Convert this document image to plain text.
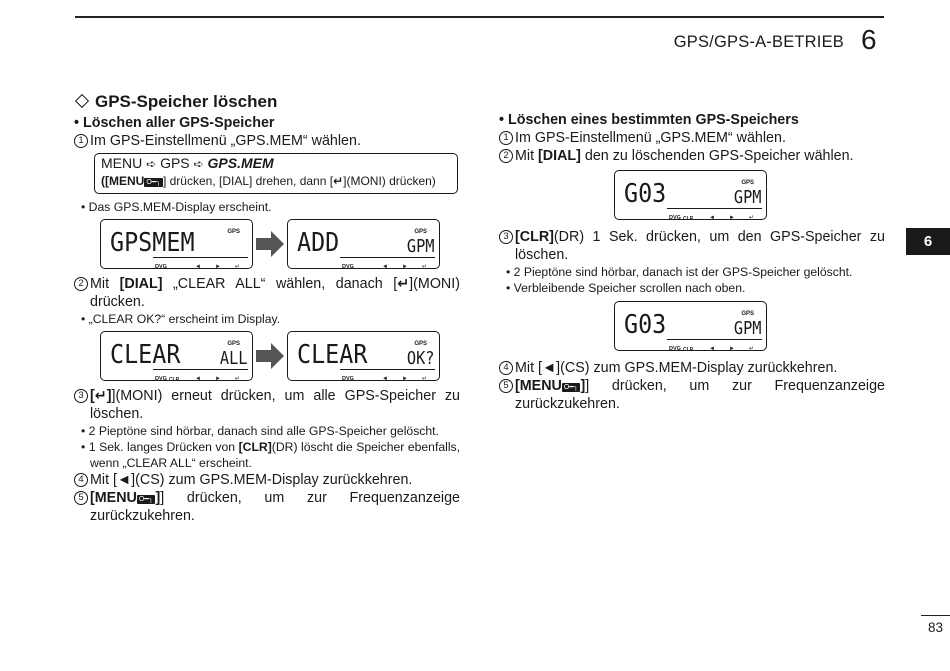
GPS/GPS-A-BETRIEB 6
6
GPS-Speicher löschen
• Löschen aller GPS-Speicher
1 Im GPS-Einstellmenü „GPS.MEM“ wählen.
MENU ➪ GPS ➪ GPS.MEM
([MENU O━┐ ] drücken, [DIAL] drehen, dann [↵](MONI) drücken)
• Das GPS.MEM-Display erscheint.
GPS
GPSMEM
DVG	◄►↵
GPS
ADD	GPM
DVG	◄►↵
2 Mit [DIAL] „CLEAR ALL“ wählen, danach [↵](MONI) drücken.
• „CLEAR OK?“ erscheint im Display.
GPS
CLEAR ALL
DVG CLR	◄►↵
GPS
CLEAR OK?
DVG	◄►↵
3 [↵]](MONI) erneut drücken, um alle GPS-Speicher zu löschen.
• 2 Pieptöne sind hörbar, danach sind alle GPS-Speicher gelöscht.
• 1 Sek. langes Drücken von [CLR](DR) löscht die Speicher ebenfalls, wenn „CLEAR ALL“ erscheint.
4 Mit [◄](CS) zum GPS.MEM-Display zurückkehren.
5 [MENU O━┐ ]] drücken, um zur Frequenzanzeige zurückzukehren.
• Löschen eines bestimmten GPS-Speichers
1 Im GPS-Einstellmenü „GPS.MEM“ wählen.
2 Mit [DIAL] den zu löschenden GPS-Speicher wählen.
GPS
G03	GPM
DVG CLR	◄►↵
3 [CLR](DR) 1 Sek. drücken, um den GPS-Speicher zu löschen.
• 2 Pieptöne sind hörbar, danach ist der GPS-Speicher gelöscht.
• Verbleibende Speicher scrollen nach oben.
GPS
G03	GPM
DVG CLR	◄►↵
4 Mit [◄](CS) zum GPS.MEM-Display zurückkehren.
5 [MENU O━┐ ]] drücken, um zur Frequenzanzeige zurückzukehren.
83
